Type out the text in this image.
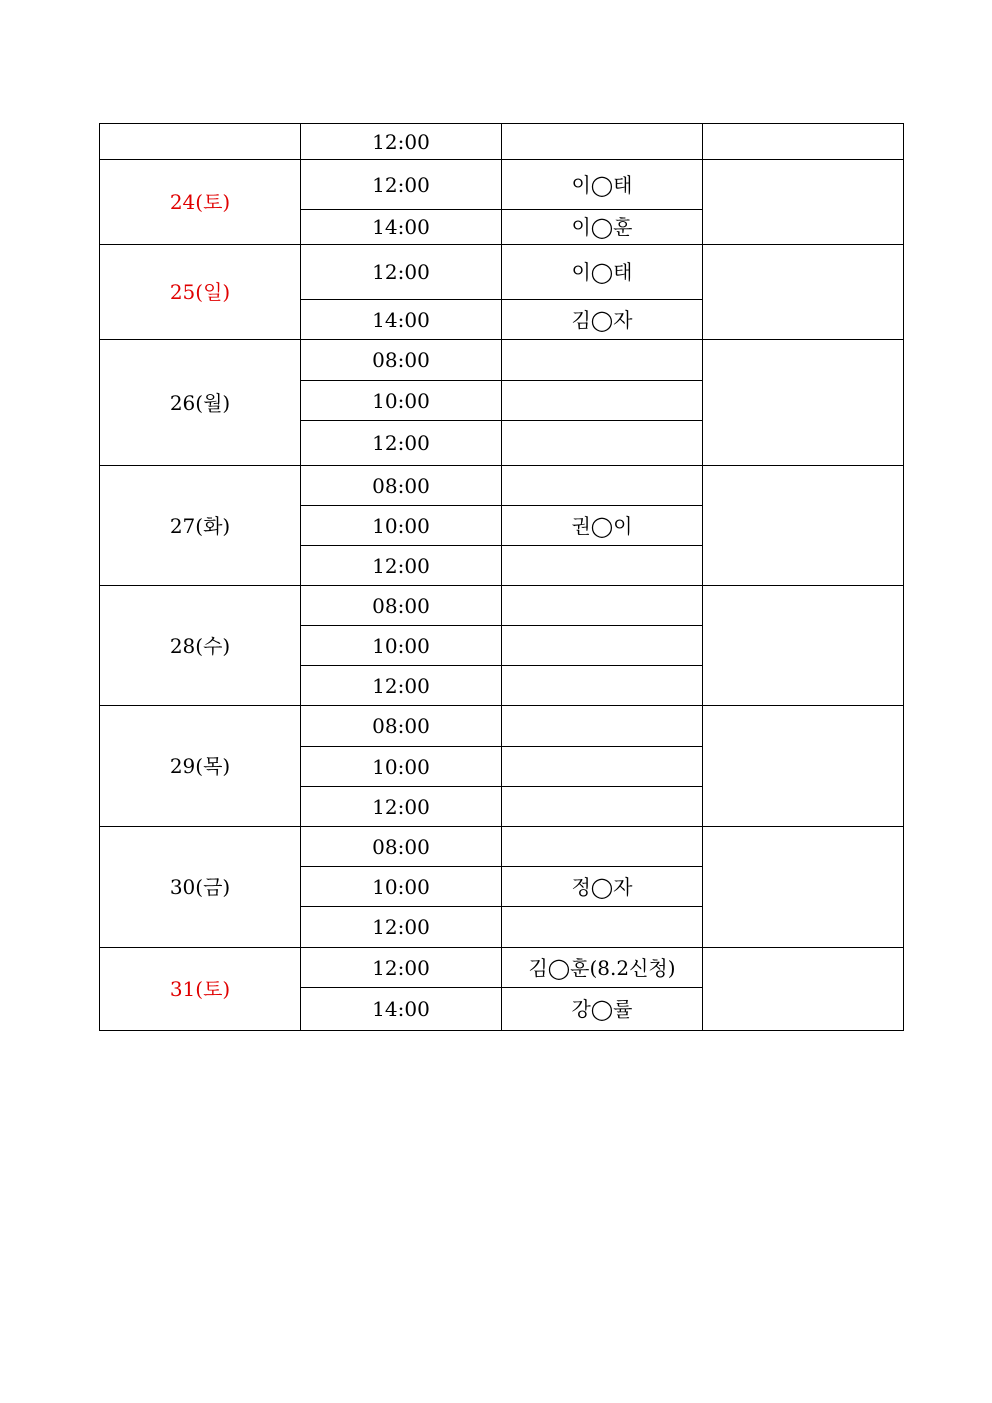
	12:00		
24(토)	12:00	이◯태	
	14:00	이◯훈	
25(일)	12:00	이◯태	
	14:00	김◯자	
26(월)	08:00		
	10:00		
	12:00		
27(화)	08:00		
	10:00	권◯이	
	12:00		
28(수)	08:00		
	10:00		
	12:00		
29(목)	08:00		
	10:00		
	12:00		
30(금)	08:00		
	10:00	정◯자	
	12:00		
31(토)	12:00	김◯훈(8.2신청)	
	14:00	강◯률	
